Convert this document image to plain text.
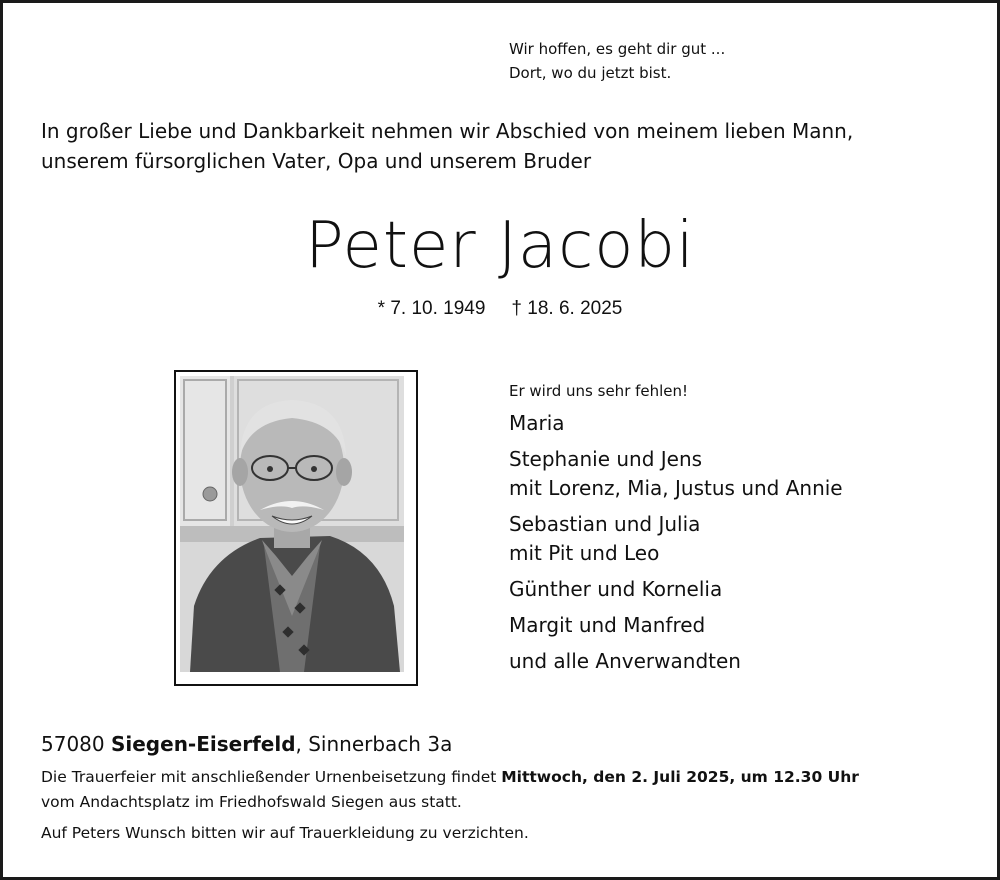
Wir hoffen, es geht dir gut ...
Dort, wo du jetzt bist.
In großer Liebe und Dankbarkeit nehmen wir Abschied von meinem lieben Mann,
unserem fürsorglichen Vater, Opa und unserem Bruder
Peter Jacobi
* 7. 10. 1949 † 18. 6. 2025
Er wird uns sehr fehlen!
Maria
Stephanie und Jens
mit Lorenz, Mia, Justus und Annie
Sebastian und Julia
mit Pit und Leo
Günther und Kornelia
Margit und Manfred
und alle Anverwandten
57080 Siegen-Eiserfeld, Sinnerbach 3a
Die Trauerfeier mit anschließender Urnenbeisetzung findet Mittwoch, den 2. Juli 2025, um 12.30 Uhr
vom Andachtsplatz im Friedhofswald Siegen aus statt.
Auf Peters Wunsch bitten wir auf Trauerkleidung zu verzichten.
